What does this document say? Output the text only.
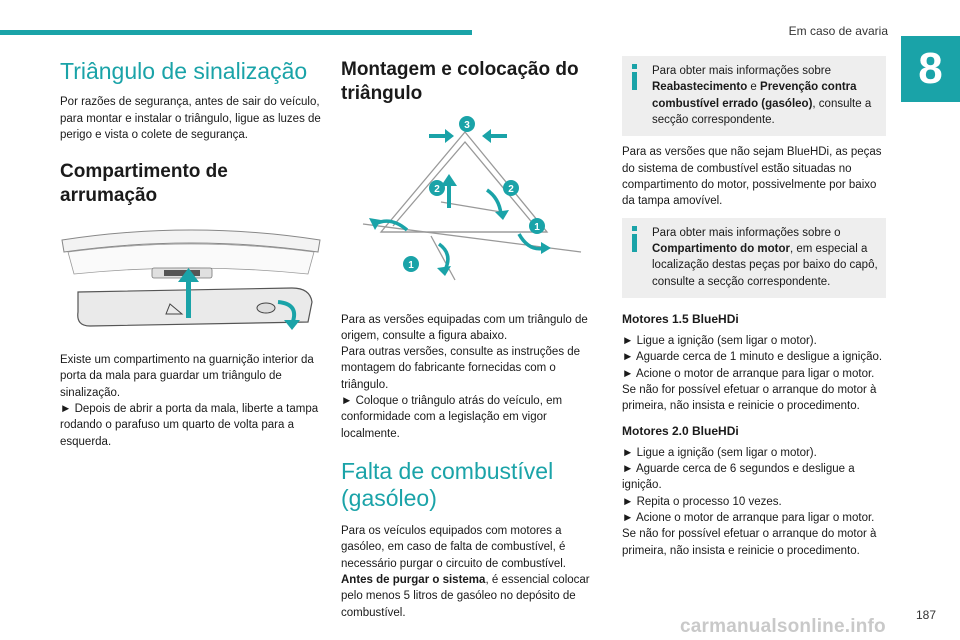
Em caso de avaria
8
Triângulo de sinalização

Por razões de segurança, antes de sair do veículo, para montar e instalar o triângulo, ligue as luzes de perigo e vista o colete de segurança.

Compartimento de arrumação

Existe um compartimento na guarnição interior da porta da mala para guardar um triângulo de sinalização.

► Depois de abrir a porta da mala, liberte a tampa rodando o parafuso um quarto de volta para a esquerda.

Montagem e colocação do triângulo
3
2	2
1
1

Para as versões equipadas com um triângulo de origem, consulte a figura abaixo.

Para outras versões, consulte as instruções de montagem do fabricante fornecidas com o triângulo.

► Coloque o triângulo atrás do veículo, em conformidade com a legislação em vigor localmente.

Falta de combustível (gasóleo)

Para os veículos equipados com motores a gasóleo, em caso de falta de combustível, é necessário purgar o circuito de combustível.

Antes de purgar o sistema, é essencial colocar pelo menos 5 litros de gasóleo no depósito de combustível.

Para obter mais informações sobre Reabastecimento e Prevenção contra combustível errado (gasóleo), consulte a secção correspondente.

Para as versões que não sejam BlueHDi, as peças do sistema de combustível estão situadas no compartimento do motor, possivelmente por baixo da tampa amovível.

Para obter mais informações sobre o Compartimento do motor, em especial a localização destas peças por baixo do capô, consulte a secção correspondente.

Motores 1.5 BlueHDi

► Ligue a ignição (sem ligar o motor).

► Aguarde cerca de 1 minuto e desligue a ignição.

► Acione o motor de arranque para ligar o motor.

Se não for possível efetuar o arranque do motor à primeira, não insista e reinicie o procedimento.

Motores 2.0 BlueHDi

► Ligue a ignição (sem ligar o motor).

► Aguarde cerca de 6 segundos e desligue a ignição.

► Repita o processo 10 vezes.

► Acione o motor de arranque para ligar o motor.

Se não for possível efetuar o arranque do motor à primeira, não insista e reinicie o procedimento.

187
carmanualsonline.info
